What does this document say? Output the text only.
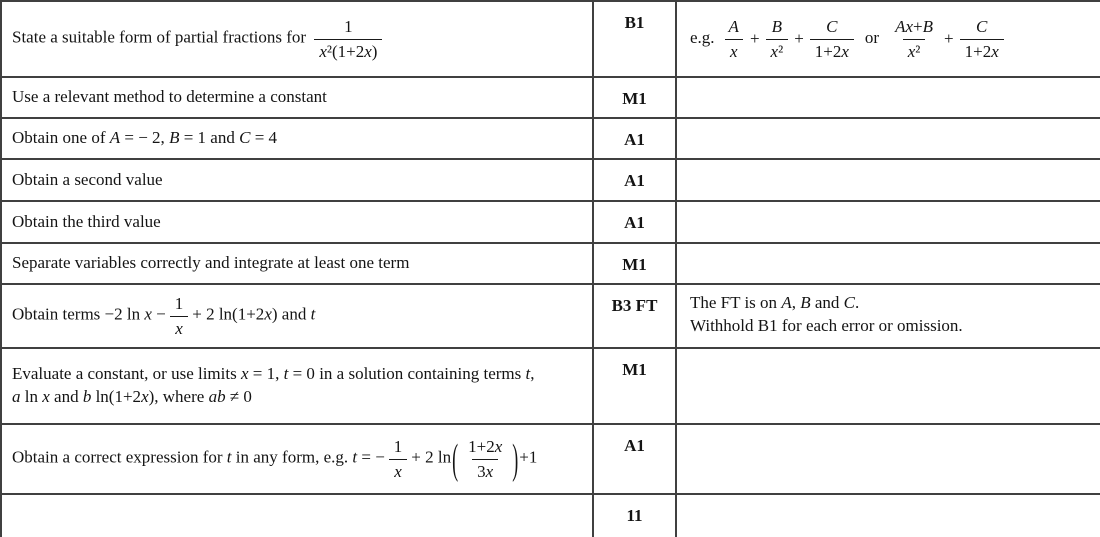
State a suitable form of partial fractions for $\frac{1}{\text{x²(1+2x)}}$	B1	e.g. $\frac{A}{x} + \frac{B}{\text{x²}} + \frac{C}{1+2x}$ or $\frac{Ax+B}{\text{x²}} + \frac{C}{1+2x}$

Use a relevant method to determine a constant	M1	
Obtain one of A = − 2, B = 1 and C = 4	A1	
Obtain a second value	A1	
Obtain the third value	A1	
Separate variables correctly and integrate at least one term	M1	
Obtain terms −2 $\ln x - \frac{1}{x} + 2$ ln(1+2x) and t	B3 FT	The FT is on A, B and C.
Withhold B1 for each error or omission.

Evaluate a constant, or use limits x = 1, t = 0 in a solution containing terms t,
a ln x and b ln(1+2x), where ab ≠ 0	M1	
Obtain a correct expression for t in any form, e.g. t = − $\frac{1}{x} + 2$ $\ln( \frac{1+2x}{3x} )+1$	A1	
	11	
